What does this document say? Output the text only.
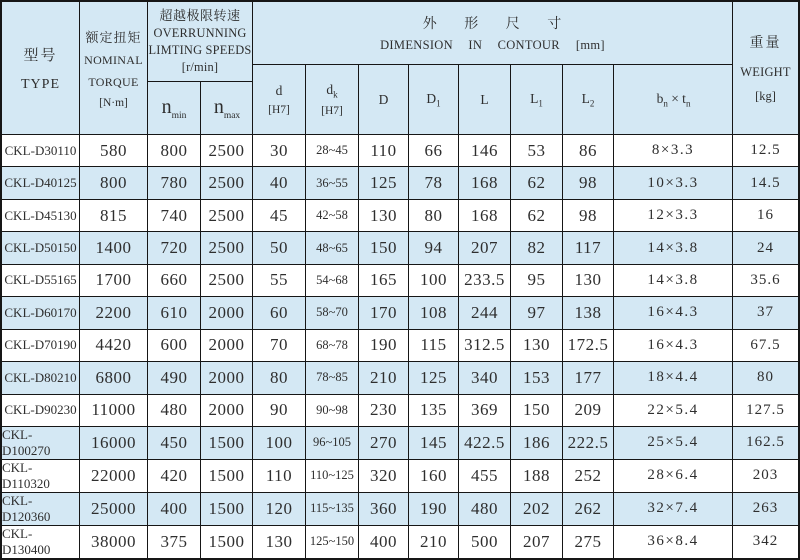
型号
TYPE
额定扭矩
NOMINAL
TORQUE
[N·m]
超越极限转速
OVERRUNNING
LIMTING SPEEDS
[r/min]
$n_{min}$ $n_{max}$
外 形 尺 寸
DIMENSION IN CONTOUR [mm]
d
[H7]
$d_k$
[H7]
D	$D_1$	L	$L_1$	$L_2$	$b_n \times t_n$
重量
WEIGHT
[kg]
CKL-D30110	580	800	2500	30	28~45	110	66	146	53	86	8×3.3	12.5
CKL-D40125	800	780	2500	40	36~55	125	78	168	62	98	10×3.3	14.5
CKL-D45130	815	740	2500	45	42~58	130	80	168	62	98	12×3.3	16
CKL-D50150	1400	720	2500	50	48~65	150	94	207	82	117	14×3.8	24
CKL-D55165	1700	660	2500	55	54~68	165	100	233.5	95	130	14×3.8	35.6
CKL-D60170	2200	610	2000	60	58~70	170	108	244	97	138	16×4.3	37
CKL-D70190	4420	600	2000	70	68~78	190	115	312.5	130	172.5	16×4.3	67.5
CKL-D80210	6800	490	2000	80	78~85	210	125	340	153	177	18×4.4	80
CKL-D90230 11000	480	2000	90	90~98	230	135	369	150	209	22×5.4	127.5
CKL-D100270	16000	450	1500	100	96~105	270	145	422.5	186	222.5	25×5.4	162.5
CKL-D110320	22000	420	1500	110	110~125 320	160	455	188	252	28×6.4	203
CKL-D120360	25000	400	1500	120	115~135 360	190	480	202	262	32×7.4	263
CKL-D130400	38000	375	1500	130	125~150 400	210	500	207	275	36×8.4	342
